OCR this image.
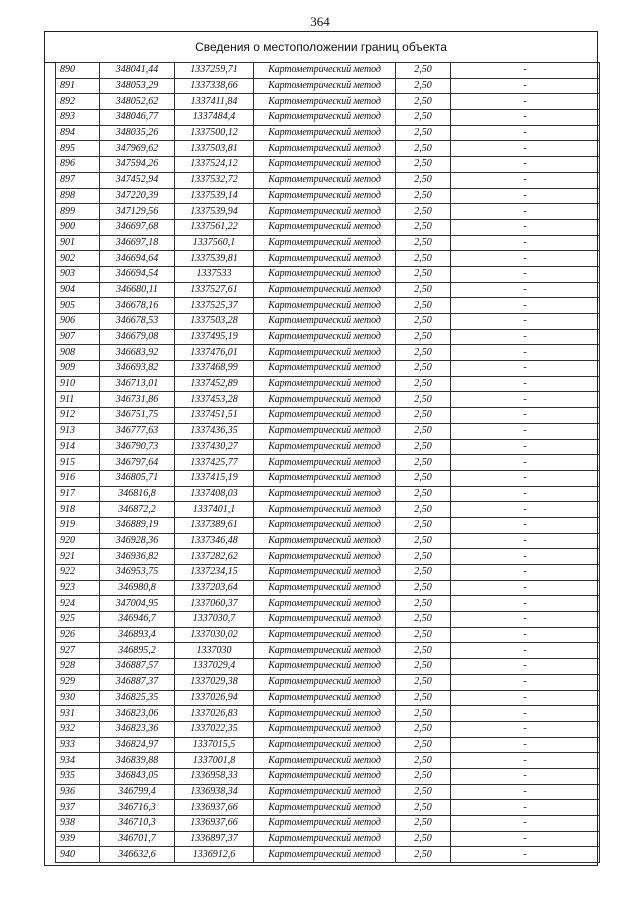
364
Сведения о местоположении границ объекта
890	348041,44	1337259,71	Картометрический метод	2,50	-
891	348053,29	1337338,66	Картометрический метод	2,50	-
892	348052,62	1337411,84	Картометрический метод	2,50	-
893	348046,77	1337484,4	Картометрический метод	2,50	-
894	348035,26	1337500,12	Картометрический метод	2,50	-
895	347969,62	1337503,81	Картометрический метод	2,50	-
896	347594,26	1337524,12	Картометрический метод	2,50	-
897	347452,94	1337532,72	Картометрический метод	2,50	-
898	347220,39	1337539,14	Картометрический метод	2,50	-
899	347129,56	1337539,94	Картометрический метод	2,50	-
900	346697,68	1337561,22	Картометрический метод	2,50	-
901	346697,18	1337560,1	Картометрический метод	2,50	-
902	346694,64	1337539,81	Картометрический метод	2,50	-
903	346694,54	1337533	Картометрический метод	2,50	-
904	346680,11	1337527,61	Картометрический метод	2,50	-
905	346678,16	1337525,37	Картометрический метод	2,50	-
906	346678,53	1337503,28	Картометрический метод	2,50	-
907	346679,08	1337495,19	Картометрический метод	2,50	-
908	346683,92	1337476,01	Картометрический метод	2,50	-
909	346693,82	1337468,99	Картометрический метод	2,50	-
910	346713,01	1337452,89	Картометрический метод	2,50	-
911	346731,86	1337453,28	Картометрический метод	2,50	-
912	346751,75	1337451,51	Картометрический метод	2,50	-
913	346777,63	1337436,35	Картометрический метод	2,50	-
914	346790,73	1337430,27	Картометрический метод	2,50	-
915	346797,64	1337425,77	Картометрический метод	2,50	-
916	346805,71	1337415,19	Картометрический метод	2,50	-
917	346816,8	1337408,03	Картометрический метод	2,50	-
918	346872,2	1337401,1	Картометрический метод	2,50	-
919	346889,19	1337389,61	Картометрический метод	2,50	-
920	346928,36	1337346,48	Картометрический метод	2,50	-
921	346936,82	1337282,62	Картометрический метод	2,50	-
922	346953,75	1337234,15	Картометрический метод	2,50	-
923	346980,8	1337203,64	Картометрический метод	2,50	-
924	347004,95	1337060,37	Картометрический метод	2,50	-
925	346946,7	1337030,7	Картометрический метод	2,50	-
926	346893,4	1337030,02	Картометрический метод	2,50	-
927	346895,2	1337030	Картометрический метод	2,50	-
928	346887,57	1337029,4	Картометрический метод	2,50	-
929	346887,37	1337029,38	Картометрический метод	2,50	-
930	346825,35	1337026,94	Картометрический метод	2,50	-
931	346823,06	1337026,83	Картометрический метод	2,50	-
932	346823,36	1337022,35	Картометрический метод	2,50	-
933	346824,97	1337015,5	Картометрический метод	2,50	-
934	346839,88	1337001,8	Картометрический метод	2,50	-
935	346843,05	1336958,33	Картометрический метод	2,50	-
936	346799,4	1336938,34	Картометрический метод	2,50	-
937	346716,3	1336937,66	Картометрический метод	2,50	-
938	346710,3	1336937,66	Картометрический метод	2,50	-
939	346701,7	1336897,37	Картометрический метод	2,50	-
940	346632,6	1336912,6	Картометрический метод	2,50	-
